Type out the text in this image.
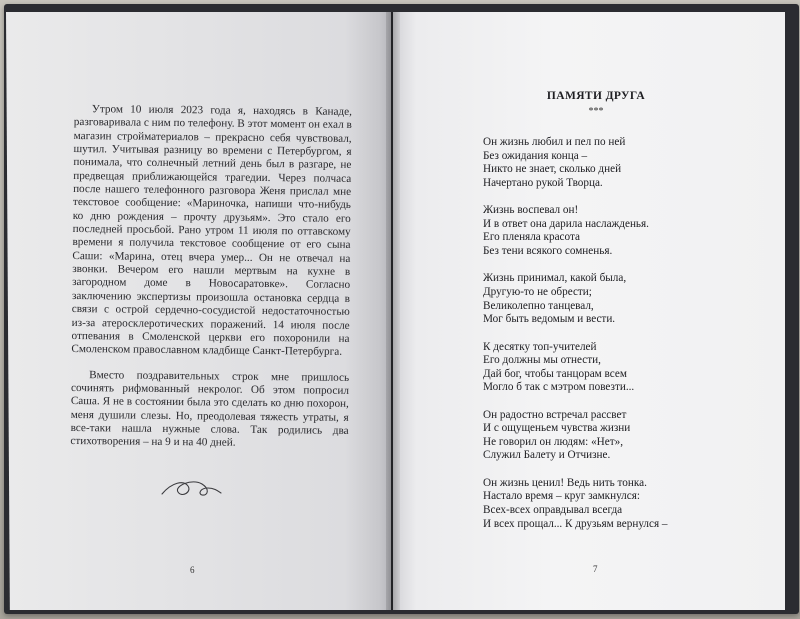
Утром 10 июля 2023 года я, находясь в Канаде, разговаривала с ним по телефону. В этот момент он ехал в магазин стройматериалов – прекрасно себя чувствовал, шутил. Учитывая разницу во времени с Петербургом, я понимала, что солнечный летний день был в разгаре, не предвещая приближающейся трагедии. Через полчаса после нашего телефонного разговора Женя прислал мне текстовое сообщение: «Мариночка, напиши что-нибудь ко дню рождения – прочту друзьям». Это стало его последней просьбой. Рано утром 11 июля по оттавскому времени я получила текстовое сообщение от его сына Саши: «Марина, отец вчера умер... Он не отвечал на звонки. Вечером его нашли мертвым на кухне в загородном доме в Новосаратовке». Согласно заключению экспертизы произошла остановка сердца в связи с острой сердечно-сосудистой недостаточностью из-за атеросклеротических поражений. 14 июля после отпевания в Смоленской церкви его похоронили на Смоленском православном кладбище Санкт-Петербурга.

Вместо поздравительных строк мне пришлось сочинять рифмованный некролог. Об этом попросил Саша. Я не в состоянии была это сделать ко дню похорон, меня душили слезы. Но, преодолевая тяжесть утраты, я все-таки нашла нужные слова. Так родились два стихотворения – на 9 и на 40 дней.

6
ПАМЯТИ ДРУГА
***
Он жизнь любил и пел по ней
Без ожидания конца –
Никто не знает, сколько дней
Начертано рукой Творца.
Жизнь воспевал он!
И в ответ она дарила наслажденья.
Его пленяла красота
Без тени всякого сомненья.
Жизнь принимал, какой была,
Другую-то не обрести;
Великолепно танцевал,
Мог быть ведомым и вести.
К десятку топ-учителей
Его должны мы отнести,
Дай бог, чтобы танцорам всем
Могло б так с мэтром повезти...
Он радостно встречал рассвет
И с ощущеньем чувства жизни
Не говорил он людям: «Нет»,
Служил Балету и Отчизне.
Он жизнь ценил! Ведь нить тонка.
Настало время – круг замкнулся:
Всех-всех оправдывал всегда
И всех прощал... К друзьям вернулся –
7
